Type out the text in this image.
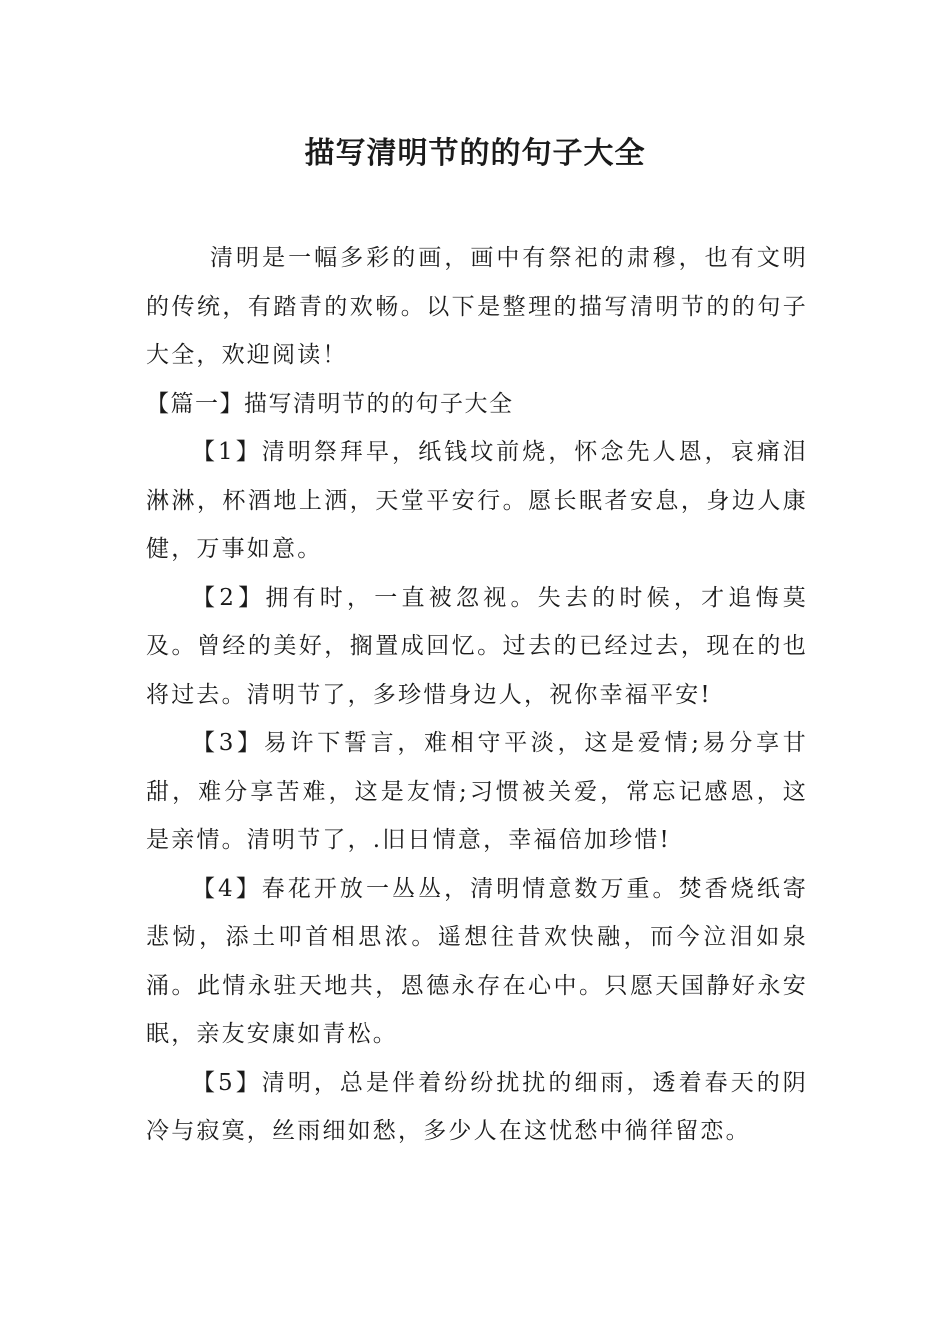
描写清明节的的句子大全

清明是一幅多彩的画，画中有祭祀的肃穆，也有文明的传统，有踏青的欢畅。以下是整理的描写清明节的的句子大全，欢迎阅读！

【篇一】描写清明节的的句子大全

【1】清明祭拜早，纸钱坟前烧，怀念先人恩，哀痛泪淋淋，杯酒地上洒，天堂平安行。愿长眠者安息，身边人康健，万事如意。

【2】拥有时，一直被忽视。失去的时候，才追悔莫及。曾经的美好，搁置成回忆。过去的已经过去，现在的也将过去。清明节了，多珍惜身边人，祝你幸福平安!

【3】易许下誓言，难相守平淡，这是爱情;易分享甘甜，难分享苦难，这是友情;习惯被关爱，常忘记感恩，这是亲情。清明节了，.旧日情意，幸福倍加珍惜!

【4】春花开放一丛丛，清明情意数万重。焚香烧纸寄悲恸，添土叩首相思浓。遥想往昔欢快融，而今泣泪如泉涌。此情永驻天地共，恩德永存在心中。只愿天国静好永安眠，亲友安康如青松。

【5】清明，总是伴着纷纷扰扰的细雨，透着春天的阴冷与寂寞，丝雨细如愁，多少人在这忧愁中徜徉留恋。
